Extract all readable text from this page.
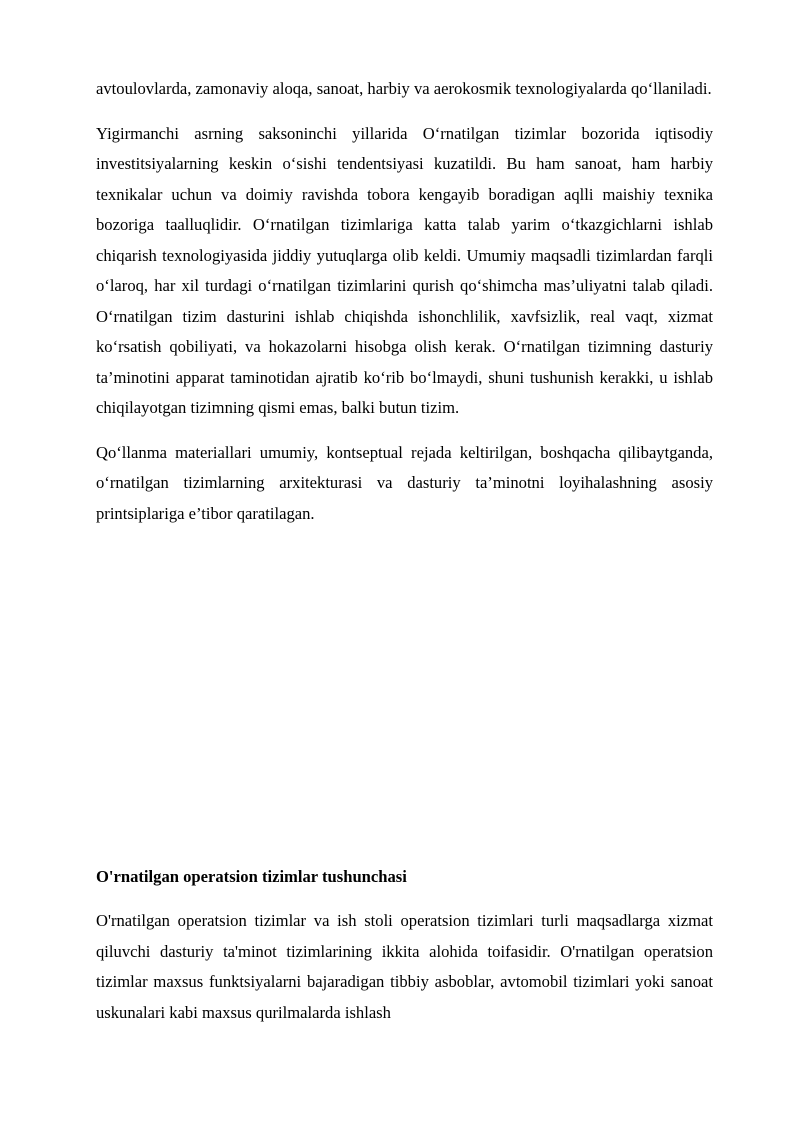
avtoulovlarda, zamonaviy aloqa, sanoat, harbiy va aerokosmik texnologiyalarda qo‘llaniladi.

Yigirmanchi asrning saksoninchi yillarida O‘rnatilgan tizimlar bozorida iqtisodiy investitsiyalarning keskin o‘sishi tendentsiyasi kuzatildi. Bu ham sanoat, ham harbiy texnikalar uchun va doimiy ravishda tobora kengayib boradigan aqlli maishiy texnika bozoriga taalluqlidir. O‘rnatilgan tizimlariga katta talab yarim o‘tkazgichlarni ishlab chiqarish texnologiyasida jiddiy yutuqlarga olib keldi. Umumiy maqsadli tizimlardan farqli o‘laroq, har xil turdagi o‘rnatilgan tizimlarini qurish qo‘shimcha mas’uliyatni talab qiladi. O‘rnatilgan tizim dasturini ishlab chiqishda ishonchlilik, xavfsizlik, real vaqt, xizmat ko‘rsatish qobiliyati, va hokazolarni hisobga olish kerak. O‘rnatilgan tizimning dasturiy ta’minotini apparat taminotidan ajratib ko‘rib bo‘lmaydi, shuni tushunish kerakki, u ishlab chiqilayotgan tizimning qismi emas, balki butun tizim.

Qo‘llanma materiallari umumiy, kontseptual rejada keltirilgan, boshqacha qilibaytganda, o‘rnatilgan tizimlarning arxitekturasi va dasturiy ta’minotni loyihalashning asosiy printsiplariga e’tibor qaratilagan.

O'rnatilgan operatsion tizimlar tushunchasi

O'rnatilgan operatsion tizimlar va ish stoli operatsion tizimlari turli maqsadlarga xizmat qiluvchi dasturiy ta'minot tizimlarining ikkita alohida toifasidir. O'rnatilgan operatsion tizimlar maxsus funktsiyalarni bajaradigan tibbiy asboblar, avtomobil tizimlari yoki sanoat uskunalari kabi maxsus qurilmalarda ishlash
